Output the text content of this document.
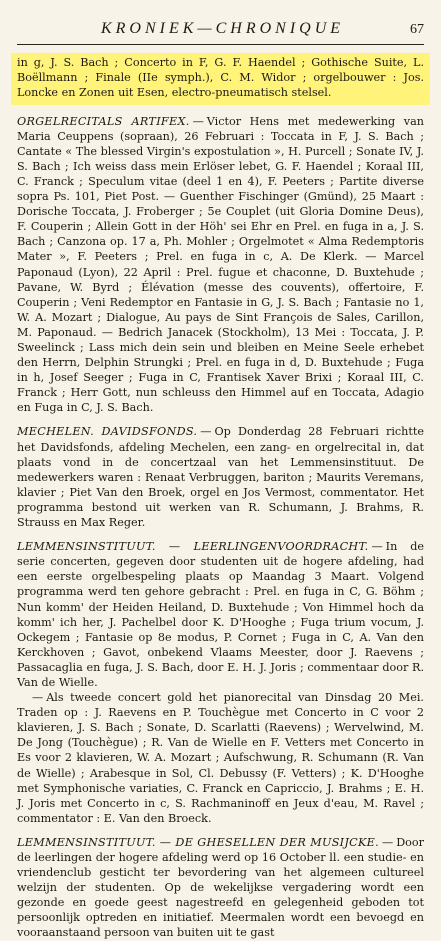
KRONIEK—CHRONIQUE	67
in g, J. S. Bach ; Concerto in F, G. F. Haendel ; Gothische Suite, L. Boëllmann ; Finale (IIe symph.), C. M. Widor ; orgelbouwer : Jos. Loncke en Zonen uit Esen, electro-pneumatisch stelsel.

ORGELRECITALS ARTIFEX. — Victor Hens met medewerking van Maria Ceuppens (sopraan), 26 Februari : Toccata in F, J. S. Bach ; Cantate « The blessed Virgin's expostulation », H. Purcell ; Sonate IV, J. S. Bach ; Ich weiss dass mein Erlöser lebet, G. F. Haendel ; Koraal III, C. Franck ; Speculum vitae (deel 1 en 4), F. Peeters ; Partite diverse sopra Ps. 101, Piet Post. — Guenther Fischinger (Gmünd), 25 Maart : Dorische Toccata, J. Froberger ; 5e Couplet (uit Gloria Domine Deus), F. Couperin ; Allein Gott in der Höh' sei Ehr en Prel. en fuga in a, J. S. Bach ; Canzona op. 17 a, Ph. Mohler ; Orgelmotet « Alma Redemptoris Mater », F. Peeters ; Prel. en fuga in c, A. De Klerk. — Marcel Paponaud (Lyon), 22 April : Prel. fugue et chaconne, D. Buxtehude ; Pavane, W. Byrd ; Élévation (messe des couvents), offertoire, F. Couperin ; Veni Redemptor en Fantasie in G, J. S. Bach ; Fantasie no 1, W. A. Mozart ; Dialogue, Au pays de Sint François de Sales, Carillon, M. Paponaud. — Bedrich Janacek (Stockholm), 13 Mei : Toccata, J. P. Sweelinck ; Lass mich dein sein und bleiben en Meine Seele erhebet den Herrn, Delphin Strungki ; Prel. en fuga in d, D. Buxtehude ; Fuga in h, Josef Seeger ; Fuga in C, Frantisek Xaver Brixi ; Koraal III, C. Franck ; Herr Gott, nun schleuss den Himmel auf en Toccata, Adagio en Fuga in C, J. S. Bach.

MECHELEN. DAVIDSFONDS. — Op Donderdag 28 Februari richtte het Davidsfonds, afdeling Mechelen, een zang- en orgelrecital in, dat plaats vond in de concertzaal van het Lemmensinstituut. De medewerkers waren : Renaat Verbruggen, bariton ; Maurits Veremans, klavier ; Piet Van den Broek, orgel en Jos Vermost, commentator. Het programma bestond uit werken van R. Schumann, J. Brahms, R. Strauss en Max Reger.

LEMMENSINSTITUUT. — LEERLINGENVOORDRACHT. — In de serie concerten, gegeven door studenten uit de hogere afdeling, had een eerste orgelbespeling plaats op Maandag 3 Maart. Volgend programma werd ten gehore gebracht : Prel. en fuga in C, G. Böhm ; Nun komm' der Heiden Heiland, D. Buxtehude ; Von Himmel hoch da komm' ich her, J. Pachelbel door K. D'Hooghe ; Fuga trium vocum, J. Ockegem ; Fantasie op 8e modus, P. Cornet ; Fuga in C, A. Van den Kerckhoven ; Gavot, onbekend Vlaams Meester, door J. Raevens ; Passacaglia en fuga, J. S. Bach, door E. H. J. Joris ; commentaar door R. Van de Wielle.

— Als tweede concert gold het pianorecital van Dinsdag 20 Mei. Traden op : J. Raevens en P. Touchègue met Concerto in C voor 2 klavieren, J. S. Bach ; Sonate, D. Scarlatti (Raevens) ; Wervelwind, M. De Jong (Touchègue) ; R. Van de Wielle en F. Vetters met Concerto in Es voor 2 klavieren, W. A. Mozart ; Aufschwung, R. Schumann (R. Van de Wielle) ; Arabesque in Sol, Cl. Debussy (F. Vetters) ; K. D'Hooghe met Symphonische variaties, C. Franck en Capriccio, J. Brahms ; E. H. J. Joris met Concerto in c, S. Rachmaninoff en Jeux d'eau, M. Ravel ; commentator : E. Van den Broeck.

LEMMENSINSTITUUT. — DE GHESELLEN DER MUSIJCKE. — Door de leerlingen der hogere afdeling werd op 16 October ll. een studie- en vriendenclub gesticht ter bevordering van het algemeen cultureel welzijn der studenten. Op de wekelijkse vergadering wordt een gezonde en goede geest nagestreefd en gelegenheid geboden tot persoonlijk optreden en initiatief. Meermalen wordt een bevoegd en vooraanstaand persoon van buiten uit te gast
